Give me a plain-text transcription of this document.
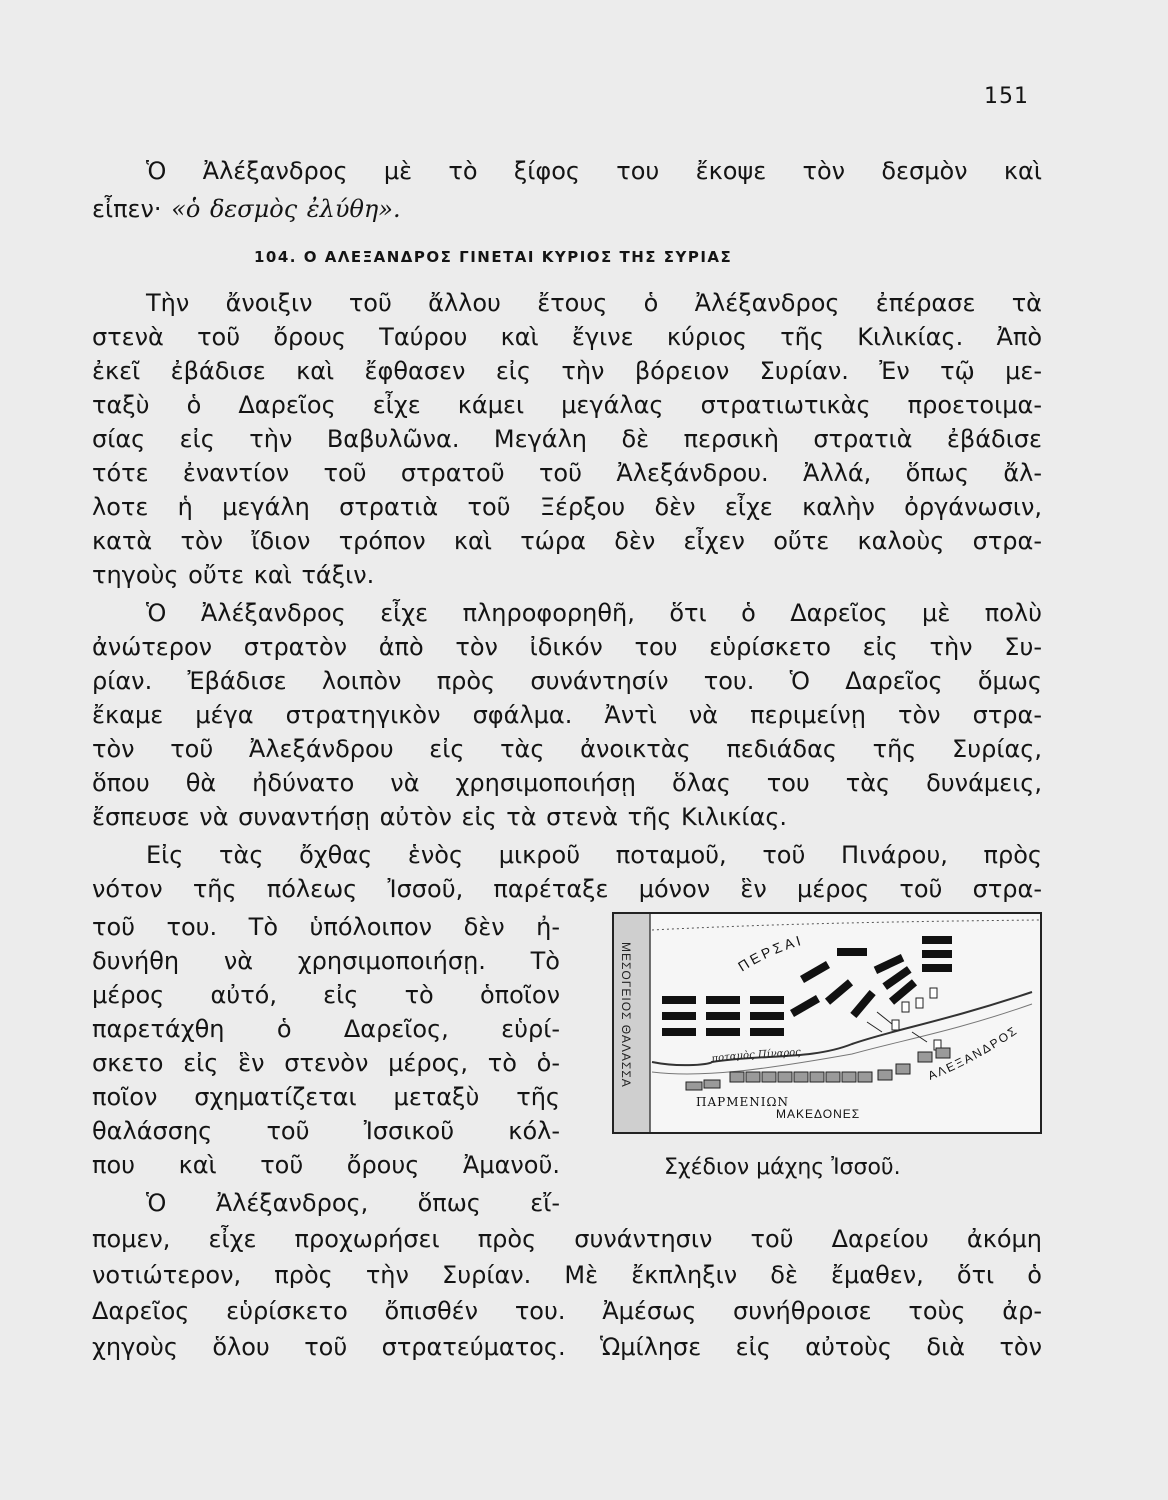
151
Ὁ Ἀλέξανδρος μὲ τὸ ξίφος του ἔκοψε τὸν δεσμὸν καὶ
εἶπεν· «ὁ δεσμὸς ἐλύθη».
104. Ο ΑΛΕΞΑΝΔΡΟΣ ΓΙΝΕΤΑΙ ΚΥΡΙΟΣ ΤΗΣ ΣΥΡΙΑΣ
Τὴν ἄνοιξιν τοῦ ἄλλου ἔτους ὁ Ἀλέξανδρος ἐπέρασε τὰ
στενὰ τοῦ ὄρους Ταύρου καὶ ἔγινε κύριος τῆς Κιλικίας. Ἀπὸ
ἐκεῖ ἐβάδισε καὶ ἔφθασεν εἰς τὴν βόρειον Συρίαν. Ἐν τῷ με-
ταξὺ ὁ Δαρεῖος εἶχε κάμει μεγάλας στρατιωτικὰς προετοιμα-
σίας εἰς τὴν Βαβυλῶνα. Μεγάλη δὲ περσικὴ στρατιὰ ἐβάδισε
τότε ἐναντίον τοῦ στρατοῦ τοῦ Ἀλεξάνδρου. Ἀλλά, ὅπως ἄλ-
λοτε ἡ μεγάλη στρατιὰ τοῦ Ξέρξου δὲν εἶχε καλὴν ὀργάνωσιν,
κατὰ τὸν ἴδιον τρόπον καὶ τώρα δὲν εἶχεν οὔτε καλοὺς στρα-
τηγοὺς οὔτε καὶ τάξιν.
Ὁ Ἀλέξανδρος εἶχε πληροφορηθῆ, ὅτι ὁ Δαρεῖος μὲ πολὺ
ἀνώτερον στρατὸν ἀπὸ τὸν ἰδικόν του εὑρίσκετο εἰς τὴν Συ-
ρίαν. Ἐβάδισε λοιπὸν πρὸς συνάντησίν του. Ὁ Δαρεῖος ὅμως
ἔκαμε μέγα στρατηγικὸν σφάλμα. Ἀντὶ νὰ περιμείνῃ τὸν στρα-
τὸν τοῦ Ἀλεξάνδρου εἰς τὰς ἀνοικτὰς πεδιάδας τῆς Συρίας,
ὅπου θὰ ἠδύνατο νὰ χρησιμοποιήσῃ ὅλας του τὰς δυνάμεις,
ἔσπευσε νὰ συναντήσῃ αὐτὸν εἰς τὰ στενὰ τῆς Κιλικίας.
Εἰς τὰς ὄχθας ἑνὸς μικροῦ ποταμοῦ, τοῦ Πινάρου, πρὸς
νότον τῆς πόλεως Ἰσσοῦ, παρέταξε μόνον ἓν μέρος τοῦ στρα-
τοῦ του. Τὸ ὑπόλοιπον δὲν ἠ-
δυνήθη νὰ χρησιμοποιήσῃ. Τὸ
μέρος αὐτό, εἰς τὸ ὁποῖον
παρετάχθη ὁ Δαρεῖος, εὑρί-
σκετο εἰς ἓν στενὸν μέρος, τὸ ὁ-
ποῖον σχηματίζεται μεταξὺ τῆς
θαλάσσης τοῦ Ἰσσικοῦ κόλ-
που καὶ τοῦ ὄρους Ἀμανοῦ.
Ὁ Ἀλέξανδρος, ὅπως εἴ-
πομεν, εἶχε προχωρήσει πρὸς συνάντησιν τοῦ Δαρείου ἀκόμη
νοτιώτερον, πρὸς τὴν Συρίαν. Μὲ ἔκπληξιν δὲ ἔμαθεν, ὅτι ὁ
Δαρεῖος εὑρίσκετο ὄπισθέν του. Ἀμέσως συνήθροισε τοὺς ἀρ-
χηγοὺς ὅλου τοῦ στρατεύματος. Ὡμίλησε εἰς αὐτοὺς διὰ τὸν
ΜΕΣΟΓΕΙΟΣ ΘΑΛΑΣΣΑ	ποταμὸς Πίναρος
ΠΕΡΣΑΙ
ΠΑΡΜΕΝΙΩΝ
ΜΑΚΕΔΟΝΕΣ
ΑΛΕΞΑΝΔΡΟΣ
Σχέδιον μάχης Ἰσσοῦ.
